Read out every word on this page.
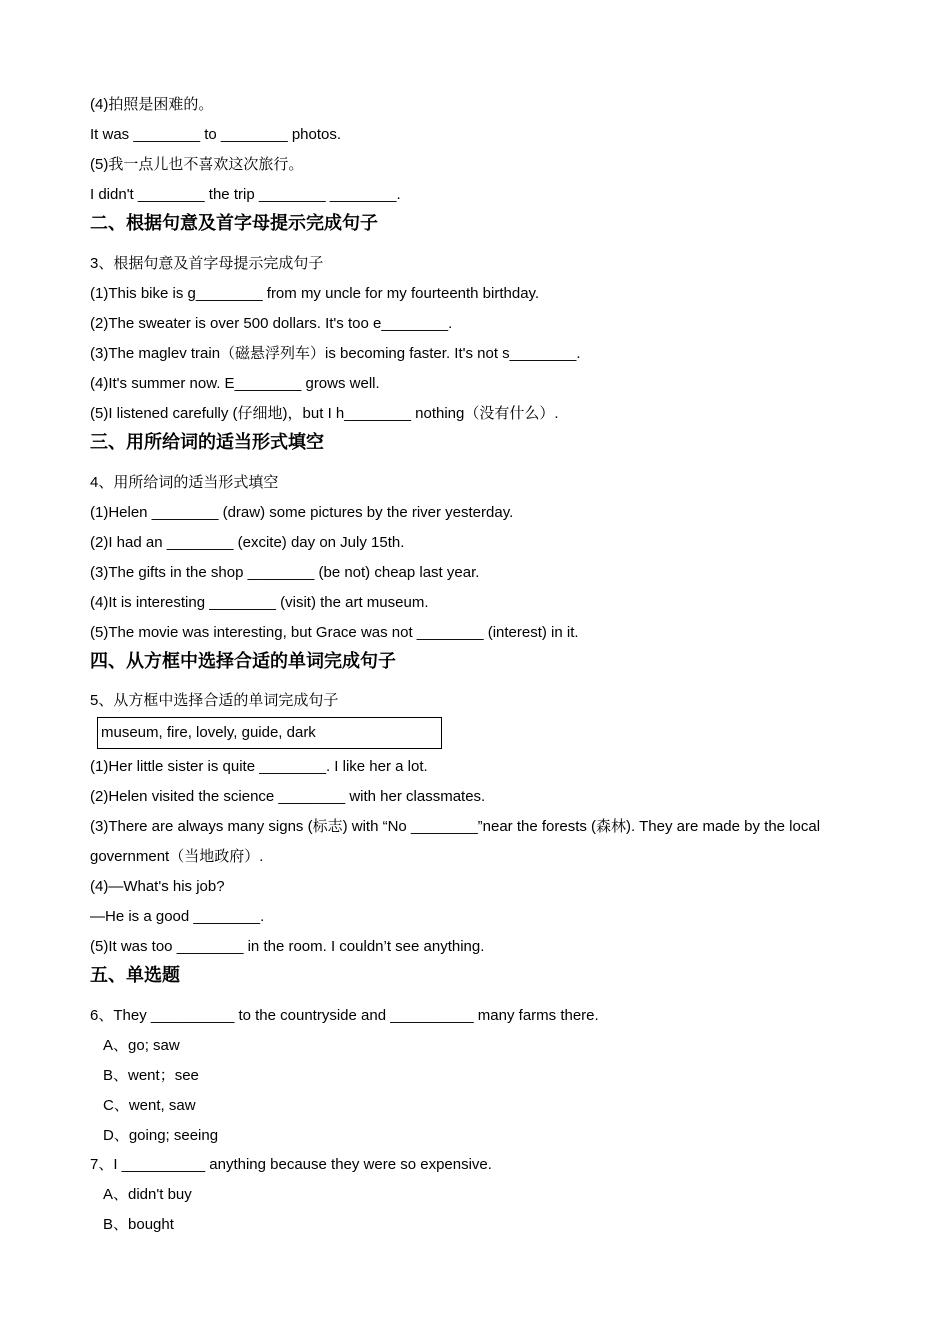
(4)拍照是困难的。
It was ________ to ________ photos.
(5)我一点儿也不喜欢这次旅行。
I didn't ________ the trip ________ ________.
二、根据句意及首字母提示完成句子
3、根据句意及首字母提示完成句子
(1)This bike is g________ from my uncle for my fourteenth birthday.
(2)The sweater is over 500 dollars. It's too e________.
(3)The maglev train（磁悬浮列车）is becoming faster. It's not s________.
(4)It's summer now. E________ grows well.
(5)I listened carefully (仔细地)，but I h________ nothing（没有什么）.
三、用所给词的适当形式填空
4、用所给词的适当形式填空
(1)Helen ________ (draw) some pictures by the river yesterday.
(2)I had an ________ (excite) day on July 15th.
(3)The gifts in the shop ________ (be not) cheap last year.
(4)It is interesting ________ (visit) the art museum.
(5)The movie was interesting, but Grace was not ________ (interest) in it.
四、从方框中选择合适的单词完成句子
5、从方框中选择合适的单词完成句子
museum, fire, lovely, guide, dark
(1)Her little sister is quite ________. I like her a lot.
(2)Helen visited the science ________ with her classmates.
(3)There are always many signs (标志) with “No ________”near the forests (森林). They are made by the local
government（当地政府）.
(4)—What's his job?
—He is a good ________.
(5)It was too ________ in the room. I couldn’t see anything.
五、单选题
6、They __________ to the countryside and __________ many farms there.
A、go; saw
B、went；see
C、went, saw
D、going; seeing
7、I __________ anything because they were so expensive.
A、didn't buy
B、bought
